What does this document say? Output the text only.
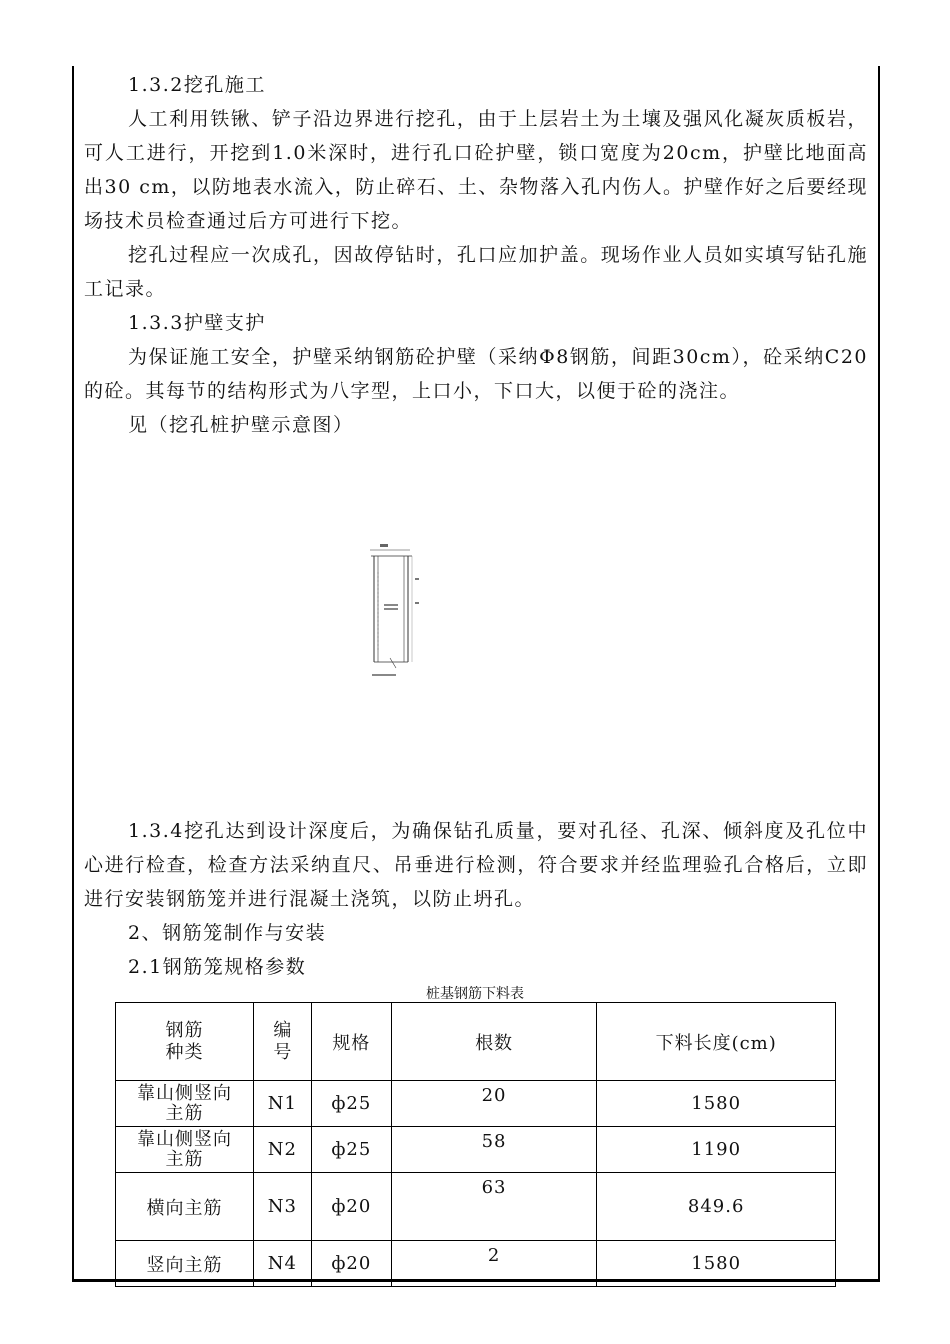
1.3.2挖孔施工

人工利用铁锹、铲子沿边界进行挖孔，由于上层岩土为土壤及强风化凝灰质板岩，可人工进行，开挖到1.0米深时，进行孔口砼护壁，锁口宽度为20cm，护壁比地面高出30 cm，以防地表水流入，防止碎石、土、杂物落入孔内伤人。护壁作好之后要经现场技术员检查通过后方可进行下挖。

挖孔过程应一次成孔，因故停钻时，孔口应加护盖。现场作业人员如实填写钻孔施工记录。

1.3.3护壁支护

为保证施工安全，护壁采纳钢筋砼护壁（采纳Φ8钢筋，间距30cm），砼采纳C20的砼。其每节的结构形式为八字型，上口小，下口大，以便于砼的浇注。

见（挖孔桩护壁示意图）

1.3.4挖孔达到设计深度后，为确保钻孔质量，要对孔径、孔深、倾斜度及孔位中心进行检查，检查方法采纳直尺、吊垂进行检测，符合要求并经监理验孔合格后，立即进行安装钢筋笼并进行混凝土浇筑，以防止坍孔。

2、钢筋笼制作与安装

2.1钢筋笼规格参数

桩基钢筋下料表
钢筋种类	编号	规格	根数	下料长度(cm)

靠山侧竖向主筋	N1	ф25	20	1580

靠山侧竖向主筋	N2	ф25	58	1190
横向主筋	N3	ф20	63	849.6
竖向主筋	N4	ф20	2	1580
